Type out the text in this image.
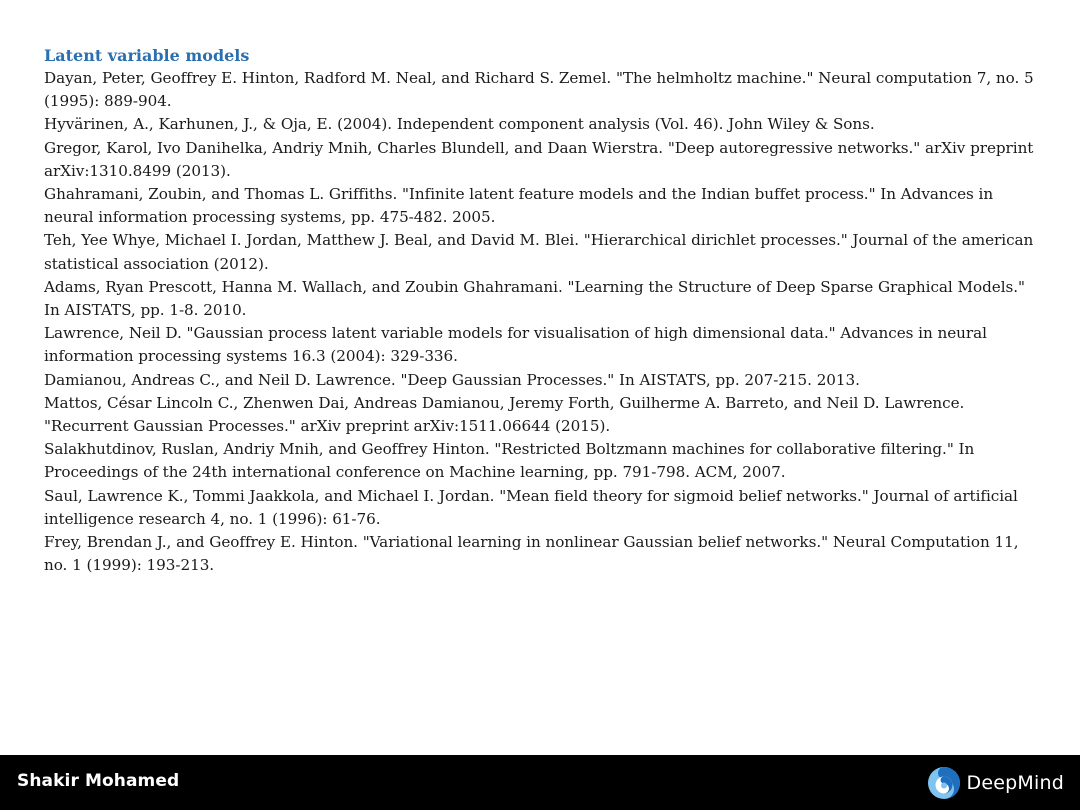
Latent variable models
Dayan, Peter, Geoffrey E. Hinton, Radford M. Neal, and Richard S. Zemel. "The helmholtz machine." Neural computation 7, no. 5 (1995): 889-904.
Hyvärinen, A., Karhunen, J., & Oja, E. (2004). Independent component analysis (Vol. 46). John Wiley & Sons.
Gregor, Karol, Ivo Danihelka, Andriy Mnih, Charles Blundell, and Daan Wierstra. "Deep autoregressive networks." arXiv preprint arXiv:1310.8499 (2013).
Ghahramani, Zoubin, and Thomas L. Griffiths. "Infinite latent feature models and the Indian buffet process." In Advances in neural information processing systems, pp. 475-482. 2005.
Teh, Yee Whye, Michael I. Jordan, Matthew J. Beal, and David M. Blei. "Hierarchical dirichlet processes." Journal of the american statistical association (2012).
Adams, Ryan Prescott, Hanna M. Wallach, and Zoubin Ghahramani. "Learning the Structure of Deep Sparse Graphical Models." In AISTATS, pp. 1-8. 2010.
Lawrence, Neil D. "Gaussian process latent variable models for visualisation of high dimensional data." Advances in neural information processing systems 16.3 (2004): 329-336.
Damianou, Andreas C., and Neil D. Lawrence. "Deep Gaussian Processes." In AISTATS, pp. 207-215. 2013.
Mattos, César Lincoln C., Zhenwen Dai, Andreas Damianou, Jeremy Forth, Guilherme A. Barreto, and Neil D. Lawrence. "Recurrent Gaussian Processes." arXiv preprint arXiv:1511.06644 (2015).
Salakhutdinov, Ruslan, Andriy Mnih, and Geoffrey Hinton. "Restricted Boltzmann machines for collaborative filtering." In Proceedings of the 24th international conference on Machine learning, pp. 791-798. ACM, 2007.
Saul, Lawrence K., Tommi Jaakkola, and Michael I. Jordan. "Mean field theory for sigmoid belief networks." Journal of artificial intelligence research 4, no. 1 (1996): 61-76.
Frey, Brendan J., and Geoffrey E. Hinton. "Variational learning in nonlinear Gaussian belief networks." Neural Computation 11, no. 1 (1999): 193-213.
Shakir Mohamed	DeepMind
